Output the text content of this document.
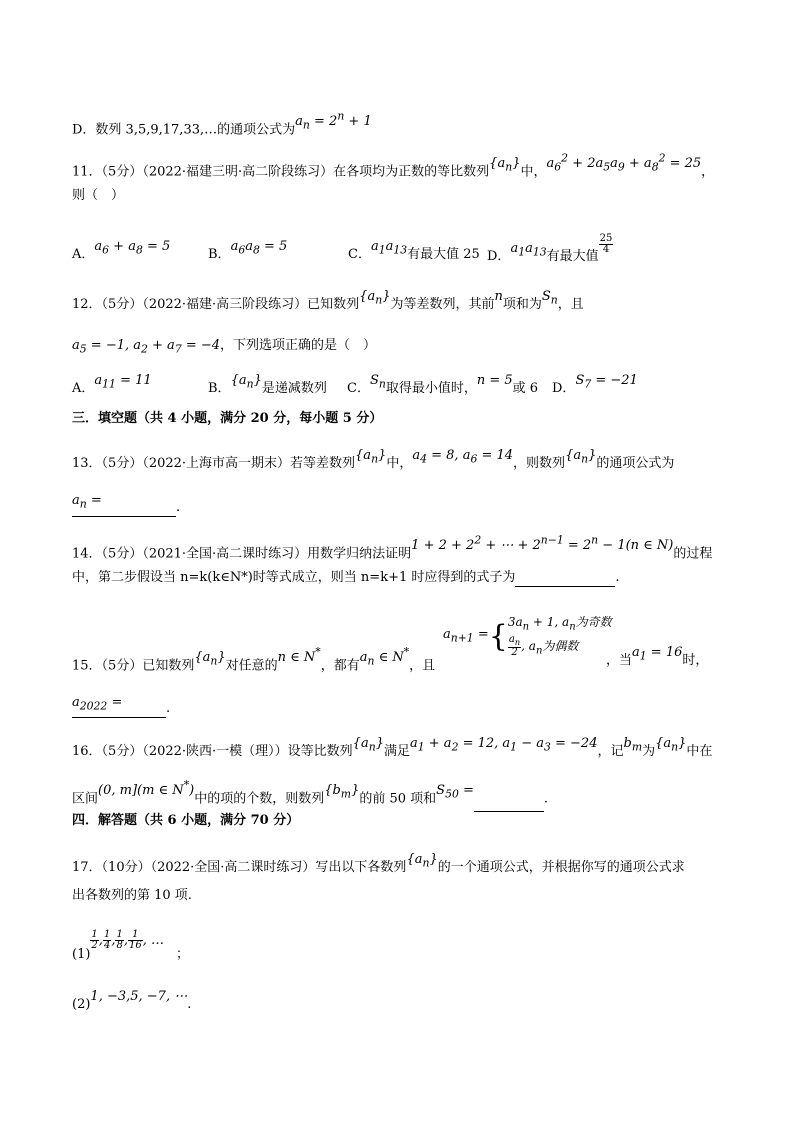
D．数列 3,5,9,17,33,…的通项公式为$a_n = 2^n + 1$
11．（5分）（2022·福建三明·高二阶段练习）在各项均为正数的等比数列$\{a_n\}$中，$a_6^2 + 2a_5a_9 + a_8^2 = 25$，
则（　）
A．$a_6 + a_8 = 5$
B．$a_6a_8 = 5$
C．$a_1a_{13}$有最大值 25 D．$a_1a_{13}$有最大值
$\frac{25}{4}$
12．（5分）（2022·福建·高三阶段练习）已知数列$\{a_n\}$为等差数列，其前n项和为$S_n$，且
$a_5 = -1$, $a_2 + a_7 = -4$，下列选项正确的是（　）
A．$a_{11} = 11$
B．$\{a_n\}$是递减数列 C．$S_n$取得最小值时，n = 5或 6 D．$S_7 = -21$
三．填空题（共 4 小题，满分 20 分，每小题 5 分）
13．（5分）（2022·上海市高一期末）若等差数列$\{a_n\}$中，$a_4 = 8$, $a_6 = 14$，则数列$\{a_n\}$的通项公式为
$a_n$ =	.
14．（5分）（2021·全国·高二课时练习）用数学归纳法证明$1 + 2 + 2^2$ + ⋯ + $2^{n-1} = 2^n - 1(n$ ∈ N)的过程
中，第二步假设当 n=k(k∈N*)时等式成立，则当 n=k+1 时应得到的式子为	.
$a_{n+1}$ ={ $3a_n + 1$, $a_n$为奇数
$\frac{a_n}{2}$ , $a_n$为偶数
15．（5分）已知数列$\{a_n\}$对任意的n ∈ N*，都有$a_n$ ∈ N*，且	，当$a_1 = 16$时，
$a_{2022}$ =	.
16．（5分）（2022·陕西·一模（理））设等比数列$\{a_n\}$满足$a_1 + a_2 = 12$, $a_1 - a_3 = -24$，记$b_m$为$\{a_n\}$中在
区间(0, m](m ∈ N*)中的项的个数，则数列$\{b_m\}$的前 50 项和$S_{50}$ =.
四．解答题（共 6 小题，满分 70 分）
17．（10分）（2022·全国·高二课时练习）写出以下各数列$\{a_n\}$的一个通项公式，并根据你写的通项公式求
出各数列的第 10 项.
(1)
$\frac{1}{2}$ , $\frac{1}{4}$ , $\frac{1}{8}$ , $\frac{1}{16}$ , …；
(2)1, −3,5, −7, ⋯.
